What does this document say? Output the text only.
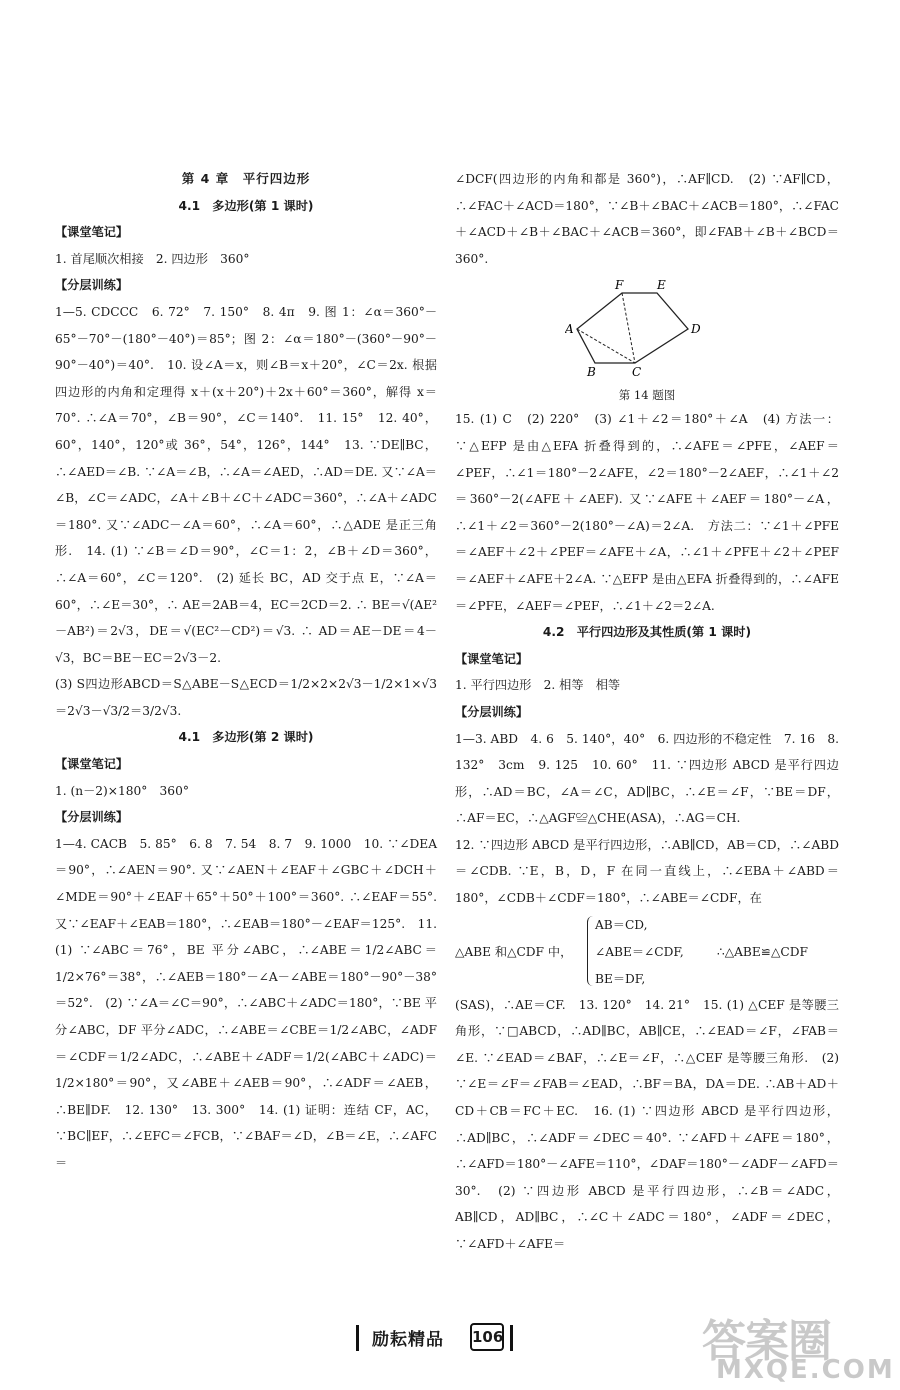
第 4 章　平行四边形
4.1　多边形(第 1 课时)
【课堂笔记】
1. 首尾顺次相接　2. 四边形　360°
【分层训练】
1—5. CDCCC　6. 72°　7. 150°　8. 4π　9. 图 1：∠α＝360°－65°－70°－(180°－40°)＝85°；图 2：∠α＝180°－(360°－90°－90°－40°)＝40°.　10. 设∠A＝x，则∠B＝x＋20°，∠C＝2x. 根据四边形的内角和定理得 x＋(x＋20°)＋2x＋60°＝360°，解得 x＝70°. ∴∠A＝70°，∠B＝90°，∠C＝140°.　11. 15°　12. 40°，60°，140°，120°或 36°，54°，126°，144°　13. ∵DE∥BC，∴∠AED＝∠B. ∵∠A＝∠B，∴∠A＝∠AED，∴AD＝DE. 又∵∠A＝∠B，∠C＝∠ADC，∠A＋∠B＋∠C＋∠ADC＝360°，∴∠A＋∠ADC＝180°. 又∵∠ADC－∠A＝60°，∴∠A＝60°，∴△ADE 是正三角形.　14. (1) ∵∠B＝∠D＝90°，∠C＝1：2，∠B＋∠D＝360°，∴∠A＝60°，∠C＝120°.　(2) 延长 BC，AD 交于点 E，∵∠A＝60°，∴∠E＝30°，∴ AE＝2AB＝4，EC＝2CD＝2. ∴ BE＝√(AE²－AB²)＝2√3，DE＝√(EC²－CD²)＝√3. ∴ AD＝AE－DE＝4－√3，BC＝BE－EC＝2√3－2.
(3) S四边形ABCD＝S△ABE－S△ECD＝1/2×2×2√3－1/2×1×√3＝2√3－√3/2＝3/2√3.
4.1　多边形(第 2 课时)
【课堂笔记】
1. (n－2)×180°　360°
【分层训练】
1—4. CACB　5. 85°　6. 8　7. 54　8. 7　9. 1000　10. ∵∠DEA＝90°，∴∠AEN＝90°. 又∵∠AEN＋∠EAF＋∠GBC＋∠DCH＋∠MDE＝90°＋∠EAF＋65°＋50°＋100°＝360°. ∴∠EAF＝55°. 又∵∠EAF＋∠EAB＝180°，∴∠EAB＝180°－∠EAF＝125°.　11. (1) ∵∠ABC＝76°，BE 平分∠ABC，∴∠ABE＝1/2∠ABC＝1/2×76°＝38°，∴∠AEB＝180°－∠A－∠ABE＝180°－90°－38°＝52°.　(2) ∵∠A＝∠C＝90°，∴∠ABC＋∠ADC＝180°，∵BE 平分∠ABC，DF 平分∠ADC，∴∠ABE＝∠CBE＝1/2∠ABC，∠ADF＝∠CDF＝1/2∠ADC，∴∠ABE＋∠ADF＝1/2(∠ABC＋∠ADC)＝1/2×180°＝90°，又∠ABE＋∠AEB＝90°，∴∠ADF＝∠AEB，∴BE∥DF.　12. 130°　13. 300°　14. (1) 证明：连结 CF，AC，∵BC∥EF，∴∠EFC＝∠FCB，∵∠BAF＝∠D，∠B＝∠E，∴∠AFC＝
∠DCF(四边形的内角和都是 360°)，∴AF∥CD.　(2) ∵AF∥CD，∴∠FAC＋∠ACD＝180°，∵∠B＋∠BAC＋∠ACB＝180°，∴∠FAC＋∠ACD＋∠B＋∠BAC＋∠ACB＝360°，即∠FAB＋∠B＋∠BCD＝360°.
F	E
D
C
B
A
第 14 题图
15. (1) C　(2) 220°　(3) ∠1＋∠2＝180°＋∠A　(4) 方法一：∵△EFP 是由△EFA 折叠得到的，∴∠AFE＝∠PFE，∠AEF＝∠PEF，∴∠1＝180°－2∠AFE，∠2＝180°－2∠AEF，∴∠1＋∠2＝360°－2(∠AFE＋∠AEF). 又∵∠AFE＋∠AEF＝180°－∠A，∴∠1＋∠2＝360°－2(180°－∠A)＝2∠A.　方法二：∵∠1＋∠PFE＝∠AEF＋∠2＋∠PEF＝∠AFE＋∠A，∴∠1＋∠PFE＋∠2＋∠PEF＝∠AEF＋∠AFE＋2∠A. ∵△EFP 是由△EFA 折叠得到的，∴∠AFE＝∠PFE，∠AEF＝∠PEF，∴∠1＋∠2＝2∠A.
4.2　平行四边形及其性质(第 1 课时)
【课堂笔记】
1. 平行四边形　2. 相等　相等
【分层训练】
1—3. ABD　4. 6　5. 140°，40°　6. 四边形的不稳定性　7. 16　8. 132°　3cm　9. 125　10. 60°　11. ∵四边形 ABCD 是平行四边形，∴AD＝BC，∠A＝∠C，AD∥BC，∴∠E＝∠F，∵BE＝DF，∴AF＝EC，∴△AGF≌△CHE(ASA)，∴AG＝CH.
12. ∵四边形 ABCD 是平行四边形，∴AB∥CD，AB＝CD，∴∠ABD＝∠CDB. ∵E，B，D，F 在同一直线上，∴∠EBA＋∠ABD＝180°，∠CDB＋∠CDF＝180°，∴∠ABE＝∠CDF，在
△ABE 和△CDF 中，
AB＝CD,
∠ABE＝∠CDF,
BE＝DF,
∴△ABE≌△CDF
(SAS)，∴AE＝CF.　13. 120°　14. 21°　15. (1) △CEF 是等腰三角形，∵□ABCD，∴AD∥BC，AB∥CE，∴∠EAD＝∠F，∠FAB＝∠E. ∵∠EAD＝∠BAF，∴∠E＝∠F，∴△CEF 是等腰三角形.　(2) ∵∠E＝∠F＝∠FAB＝∠EAD，∴BF＝BA，DA＝DE. ∴AB＋AD＋CD＋CB＝FC＋EC.　16. (1) ∵四边形 ABCD 是平行四边形，∴AD∥BC，∴∠ADF＝∠DEC＝40°. ∵∠AFD＋∠AFE＝180°，∴∠AFD＝180°－∠AFE＝110°，∠DAF＝180°－∠ADF－∠AFD＝30°.　(2) ∵四边形 ABCD 是平行四边形，∴∠B＝∠ADC，AB∥CD，AD∥BC，∴∠C＋∠ADC＝180°，∠ADF＝∠DEC，∵∠AFD＋∠AFE＝
励耘精品 106	答案圈
MXQE.COM
